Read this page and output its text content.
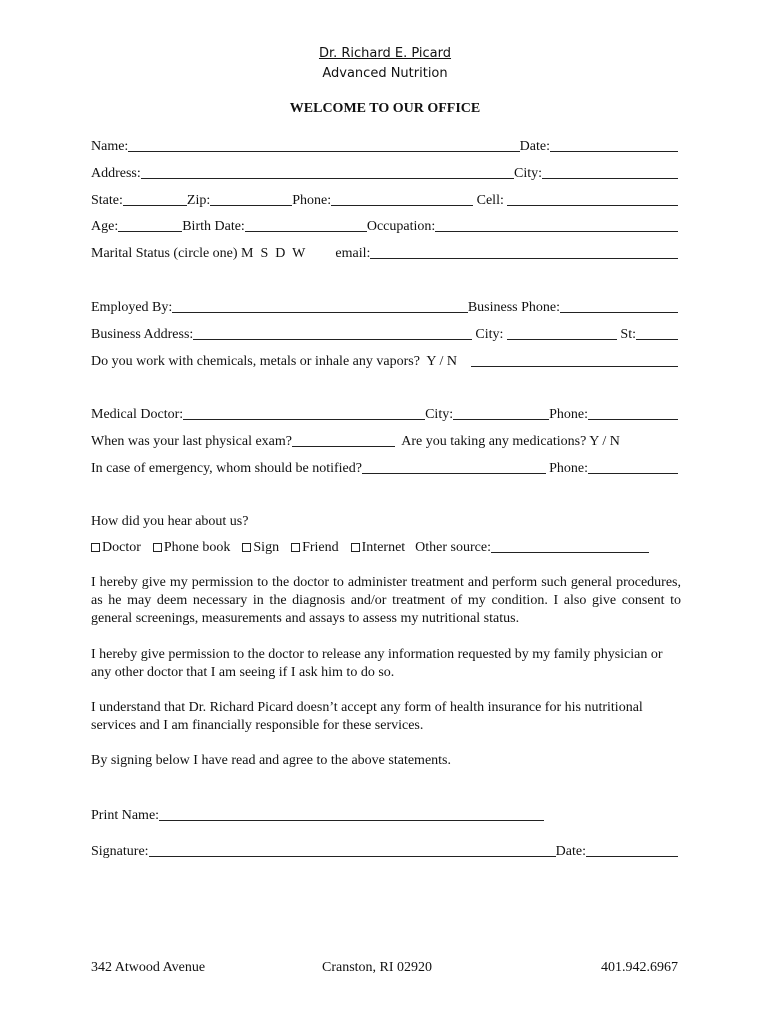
Dr. Richard E. Picard
Advanced Nutrition
WELCOME TO OUR OFFICE
Name:	Date:
Address:	City:
State:	Zip:	Phone:	Cell:
Age:	Birth Date:	Occupation:
Marital Status (circle one) M  S  D  W email:
Employed By:	Business Phone:
Business Address:	City:	St:
Do you work with chemicals, metals or inhale any vapors?  Y / N
Medical Doctor:	City:	Phone:
When was your last physical exam?	Are you taking any medications? Y / N
In case of emergency, whom should be notified?	Phone:
How did you hear about us?
Doctor Phone book Sign Friend Internet Other source:
I hereby give my permission to the doctor to administer treatment and perform such general procedures, as he may deem necessary in the diagnosis and/or treatment of my condition. I also give consent to general screenings, measurements and assays to assess my nutritional status.
I hereby give permission to the doctor to release any information requested by my family physician or any other doctor that I am seeing if I ask him to do so.
I understand that Dr. Richard Picard doesn’t accept any form of health insurance for his nutritional services and I am financially responsible for these services.
By signing below I have read and agree to the above statements.
Print Name:
Signature:	Date:
342 Atwood Avenue	Cranston, RI 02920	401.942.6967
